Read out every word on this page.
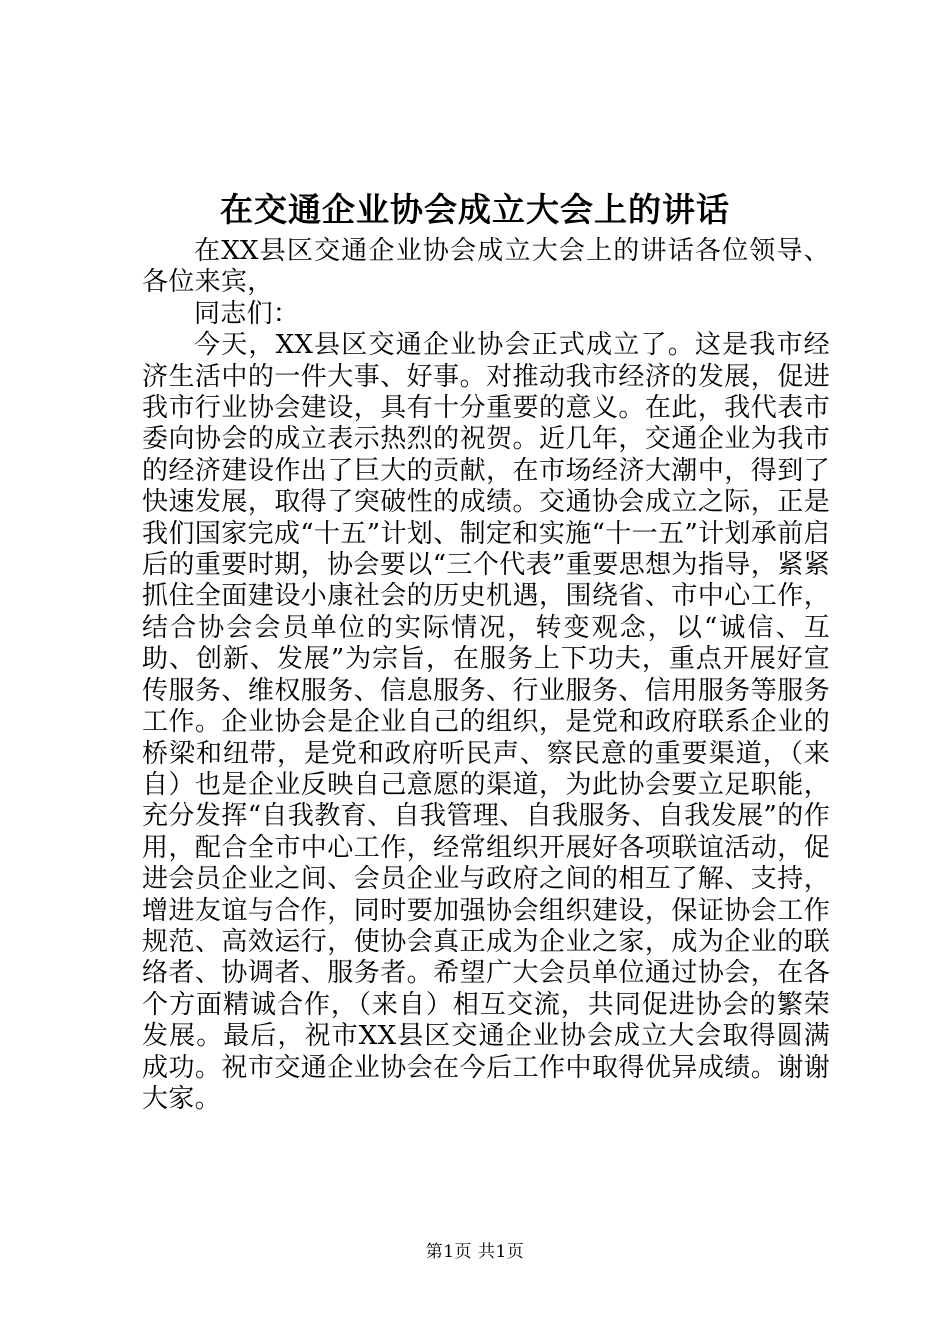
在交通企业协会成立大会上的讲话

在XX县区交通企业协会成立大会上的讲话各位领导、各位来宾，

同志们：

今天，XX县区交通企业协会正式成立了。这是我市经济生活中的一件大事、好事。对推动我市经济的发展，促进我市行业协会建设，具有十分重要的意义。在此，我代表市委向协会的成立表示热烈的祝贺。近几年，交通企业为我市的经济建设作出了巨大的贡献，在市场经济大潮中，得到了快速发展，取得了突破性的成绩。交通协会成立之际，正是我们国家完成“十五”计划、制定和实施“十一五”计划承前启后的重要时期，协会要以“三个代表”重要思想为指导，紧紧抓住全面建设小康社会的历史机遇，围绕省、市中心工作，结合协会会员单位的实际情况，转变观念，以“诚信、互助、创新、发展”为宗旨，在服务上下功夫，重点开展好宣传服务、维权服务、信息服务、行业服务、信用服务等服务工作。企业协会是企业自己的组织，是党和政府联系企业的桥梁和纽带，是党和政府听民声、察民意的重要渠道，（来自）也是企业反映自己意愿的渠道，为此协会要立足职能，充分发挥“自我教育、自我管理、自我服务、自我发展”的作用，配合全市中心工作，经常组织开展好各项联谊活动，促进会员企业之间、会员企业与政府之间的相互了解、支持，增进友谊与合作，同时要加强协会组织建设，保证协会工作规范、高效运行，使协会真正成为企业之家，成为企业的联络者、协调者、服务者。希望广大会员单位通过协会，在各个方面精诚合作，（来自）相互交流，共同促进协会的繁荣发展。最后，祝市XX县区交通企业协会成立大会取得圆满成功。祝市交通企业协会在今后工作中取得优异成绩。谢谢大家。

第1页 共1页
